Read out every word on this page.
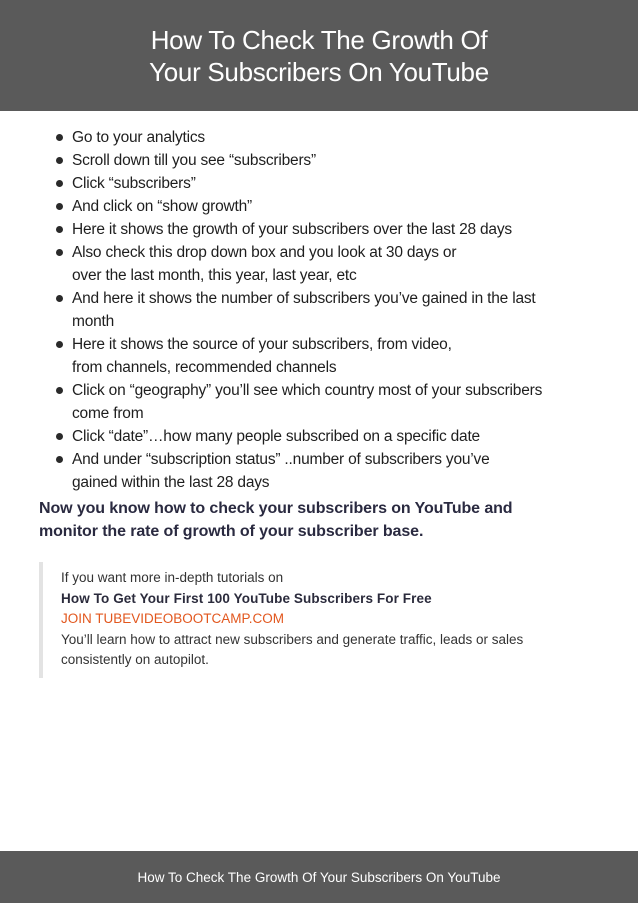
How To Check The Growth Of
Your Subscribers On YouTube
Go to your analytics
Scroll down till you see “subscribers”
Click “subscribers”
And click on “show growth”
Here it shows the growth of your subscribers over the last 28 days
Also check this drop down box and you look at 30 days or
over the last month, this year, last year, etc
And here it shows the number of subscribers you’ve gained in the last
month
Here it shows the source of your subscribers, from video,
from channels, recommended channels
Click on “geography” you’ll see which country most of your subscribers
come from
Click “date”…how many people subscribed on a specific date
And under “subscription status” ..number of subscribers you’ve
gained within the last 28 days
Now you know how to check your subscribers on YouTube and
monitor the rate of growth of your subscriber base.
If you want more in-depth tutorials on
How To Get Your First 100 YouTube Subscribers For Free
JOIN TUBEVIDEOBOOTCAMP.COM
You’ll learn how to attract new subscribers and generate traffic, leads or sales consistently on autopilot.
How To Check The Growth Of Your Subscribers On YouTube
